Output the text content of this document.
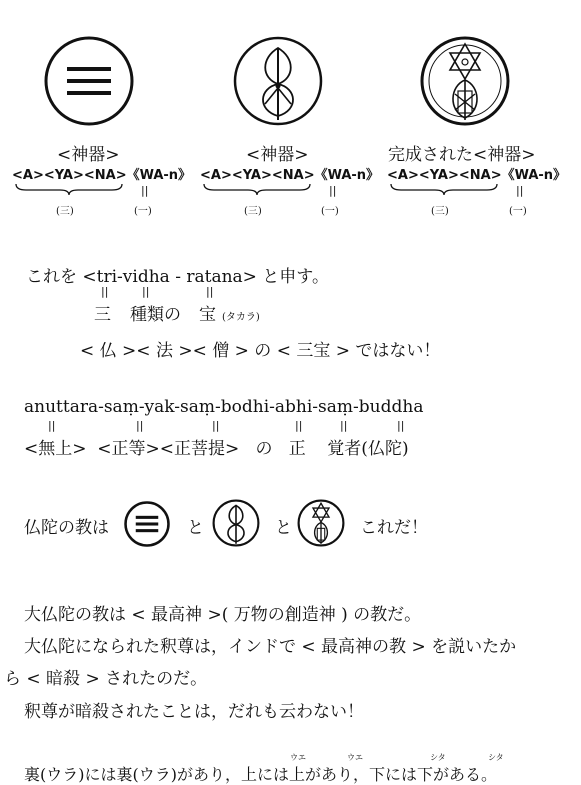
<神器>	<神器>	完成された<神器>
<A><YA><NA>《WA-n》 <A><YA><NA>《WA-n》 <A><YA><NA>《WA-n》
||	||	||
(三)	(一)	(三)	(一)	(三)	(一)
これを <tri-vidha - ratana> と申す。
||	||	||
三 種類の 宝 (タカラ)
< 仏 >< 法 >< 僧 > の < 三宝 > ではない！
anuttara-saṃ-yak-saṃ-bodhi-abhi-saṃ-buddha
||	||	||	||	||	||
<無上>  <正等><正菩提>   の   正    覚者(仏陀)
仏陀の教は	と	と	これだ！
大仏陀の教は < 最高神 >( 万物の創造神 ) の教だ。
大仏陀になられた釈尊は，インドで < 最高神の教 > を説いたか
ら < 暗殺 > されたのだ。
釈尊が暗殺されたことは，だれも云わない！
ウエ	ウエ	シタ	シタ
裏(ウラ)には裏(ウラ)があり，上には上があり，下には下がある。
